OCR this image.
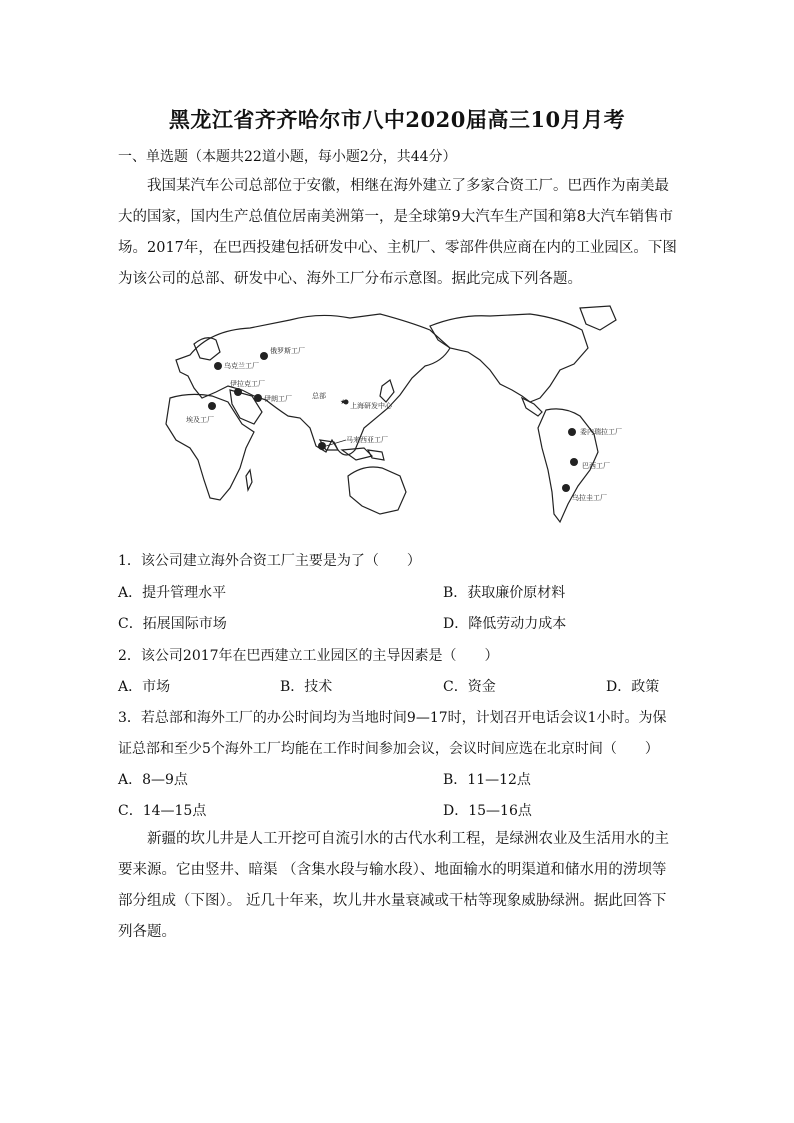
黑龙江省齐齐哈尔市八中2020届高三10月月考
一、单选题（本题共22道小题，每小题2分，共44分）

我国某汽车公司总部位于安徽，相继在海外建立了多家合资工厂。巴西作为南美最大的国家，国内生产总值位居南美洲第一，是全球第9大汽车生产国和第8大汽车销售市场。2017年，在巴西投建包括研发中心、主机厂、零部件供应商在内的工业园区。下图为该公司的总部、研发中心、海外工厂分布示意图。据此完成下列各题。

★
俄罗斯工厂
乌克兰工厂
伊拉克工厂
伊朗工厂
埃及工厂
总部
上海研发中心
马来西亚工厂
委内瑞拉工厂
巴西工厂
乌拉圭工厂
1．该公司建立海外合资工厂主要是为了（　　）
A．提升管理水平	B．获取廉价原材料
C．拓展国际市场	D．降低劳动力成本
2．该公司2017年在巴西建立工业园区的主导因素是（　　）
A．市场	B．技术	C．资金	D．政策
3．若总部和海外工厂的办公时间均为当地时间9—17时，计划召开电话会议1小时。为保
证总部和至少5个海外工厂均能在工作时间参加会议，会议时间应选在北京时间（　　）
A．8—9点	B．11—12点
C．14—15点	D．15—16点

新疆的坎儿井是人工开挖可自流引水的古代水利工程，是绿洲农业及生活用水的主要来源。它由竖井、暗渠 （含集水段与输水段）、地面输水的明渠道和储水用的涝坝等部分组成（下图）。 近几十年来，坎儿井水量衰减或干枯等现象威胁绿洲。据此回答下列各题。
